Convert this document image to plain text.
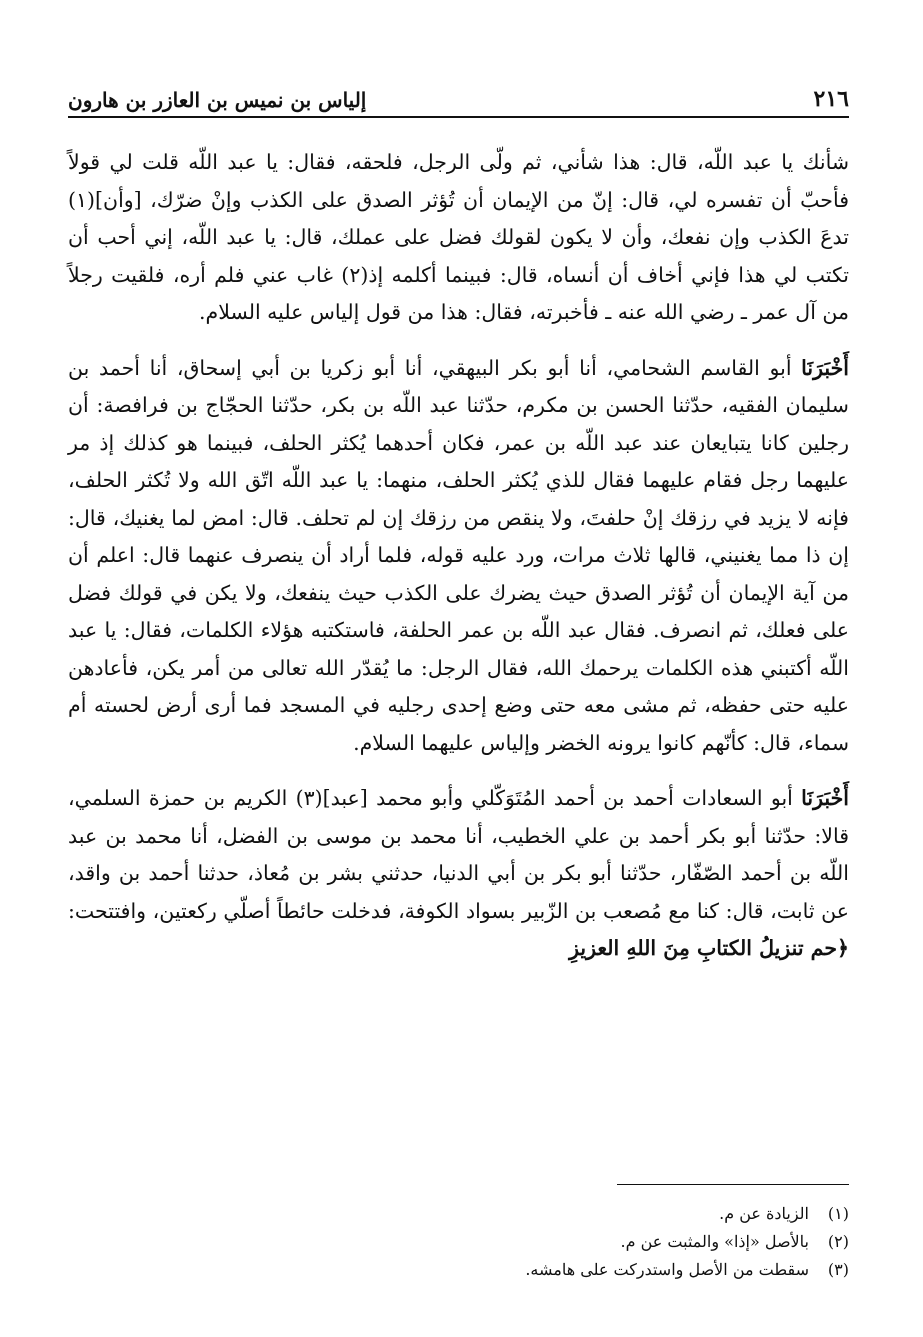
٢١٦
إلياس بن نميس بن العازر بن هارون

شأنك يا عبد اللّه، قال: هذا شأني، ثم ولّى الرجل، فلحقه، فقال: يا عبد اللّه قلت لي قولاً فأحبّ أن تفسره لي، قال: إنّ من الإيمان أن تُؤثر الصدق على الكذب وإنْ ضرّك، [وأن](١) تدعَ الكذب وإن نفعك، وأن لا يكون لقولك فضل على عملك، قال: يا عبد اللّه، إني أحب أن تكتب لي هذا فإني أخاف أن أنساه، قال: فبينما أكلمه إذ(٢) غاب عني فلم أره، فلقيت رجلاً من آل عمر ـ رضي الله عنه ـ فأخبرته، فقال: هذا من قول إلياس عليه السلام.

أَخْبَرَنَا أبو القاسم الشحامي، أنا أبو بكر البيهقي، أنا أبو زكريا بن أبي إسحاق، أنا أحمد بن سليمان الفقيه، حدّثنا الحسن بن مكرم، حدّثنا عبد اللّه بن بكر، حدّثنا الحجّاج بن فرافصة: أن رجلين كانا يتبايعان عند عبد اللّه بن عمر، فكان أحدهما يُكثر الحلف، فبينما هو كذلك إذ مر عليهما رجل فقام عليهما فقال للذي يُكثر الحلف، منهما: يا عبد اللّه اتّق الله ولا تُكثر الحلف، فإنه لا يزيد في رزقك إنْ حلفتَ، ولا ينقص من رزقك إن لم تحلف. قال: امض لما يغنيك، قال: إن ذا مما يغنيني، قالها ثلاث مرات، ورد عليه قوله، فلما أراد أن ينصرف عنهما قال: اعلم أن من آية الإيمان أن تُؤثر الصدق حيث يضرك على الكذب حيث ينفعك، ولا يكن في قولك فضل على فعلك، ثم انصرف. فقال عبد اللّه بن عمر الحلفة، فاستكتبه هؤلاء الكلمات، فقال: يا عبد اللّه أكتبني هذه الكلمات يرحمك الله، فقال الرجل: ما يُقدّر الله تعالى من أمر يكن، فأعادهن عليه حتى حفظه، ثم مشى معه حتى وضع إحدى رجليه في المسجد فما أرى أرض لحسته أم سماء، قال: كأنّهم كانوا يرونه الخضر وإلياس عليهما السلام.

أَخْبَرَنَا أبو السعادات أحمد بن أحمد المُتَوَكّلي وأبو محمد [عبد](٣) الكريم بن حمزة السلمي، قالا: حدّثنا أبو بكر أحمد بن علي الخطيب، أنا محمد بن موسى بن الفضل، أنا محمد بن عبد اللّه بن أحمد الصّفّار، حدّثنا أبو بكر بن أبي الدنيا، حدثني بشر بن مُعاذ، حدثنا أحمد بن واقد، عن ثابت، قال: كنا مع مُصعب بن الزّبير بسواد الكوفة، فدخلت حائطاً أصلّي ركعتين، وافتتحت: ﴿حم تنزيلُ الكتابِ مِنَ اللهِ العزيزِ

(١)
الزيادة عن م.
(٢)
بالأصل «إذا» والمثبت عن م.
(٣)
سقطت من الأصل واستدركت على هامشه.
